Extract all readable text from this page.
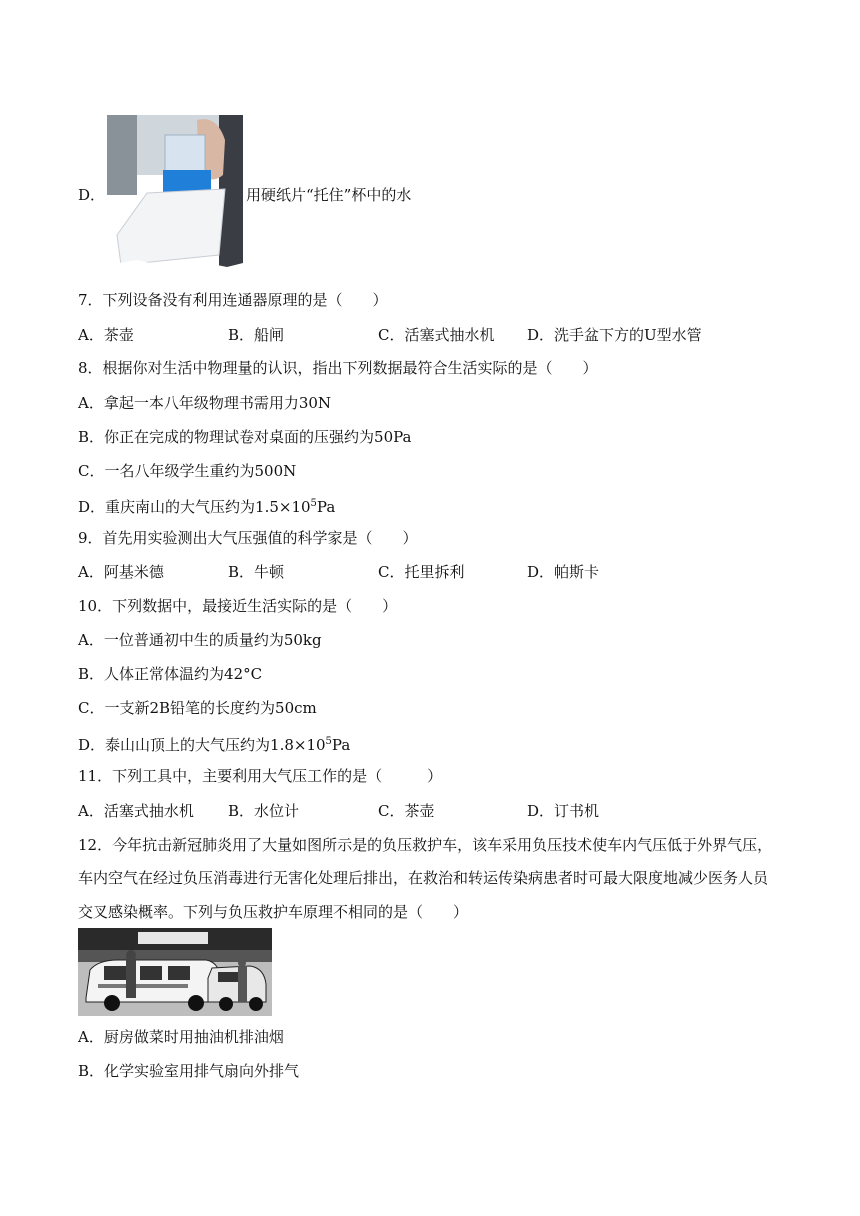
D．	用硬纸片“托住”杯中的水
7．下列设备没有利用连通器原理的是（　　）
A．茶壶	B．船闸	C．活塞式抽水机 D．洗手盆下方的U型水管
8．根据你对生活中物理量的认识，指出下列数据最符合生活实际的是（　　）
A．拿起一本八年级物理书需用力30N
B．你正在完成的物理试卷对桌面的压强约为50Pa
C．一名八年级学生重约为500N
D．重庆南山的大气压约为$1.5\times 10^5Pa$
9．首先用实验测出大气压强值的科学家是（　　）
A．阿基米德	B．牛顿	C．托里拆利	D．帕斯卡
10．下列数据中，最接近生活实际的是（　　）
A．一位普通初中生的质量约为50kg
B．人体正常体温约为42°C
C．一支新2B铅笔的长度约为50cm
D．泰山山顶上的大气压约为$1.8\times 10^5Pa$
11．下列工具中，主要利用大气压工作的是（　　　）
A．活塞式抽水机 B．水位计	C．茶壶	D．订书机
12．今年抗击新冠肺炎用了大量如图所示是的负压救护车，该车采用负压技术使车内气压低于外界气压，
车内空气在经过负压消毒进行无害化处理后排出，在救治和转运传染病患者时可最大限度地减少医务人员
交叉感染概率。下列与负压救护车原理不相同的是（　　）
A．厨房做菜时用抽油机排油烟
B．化学实验室用排气扇向外排气
